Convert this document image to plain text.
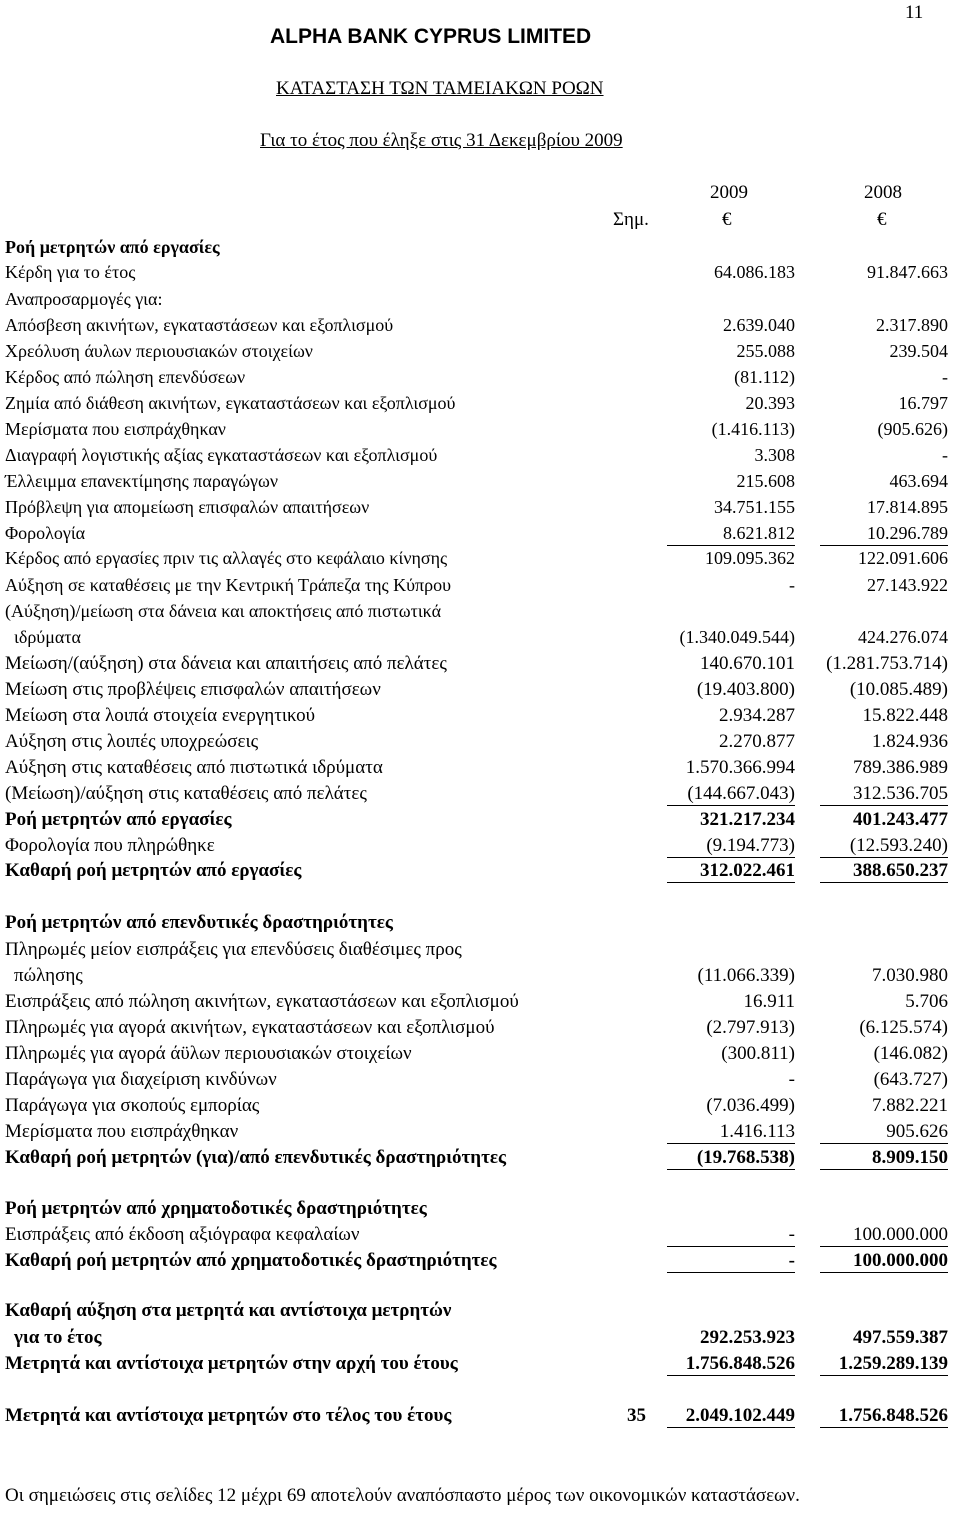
11
ALPHA BANK CYPRUS LIMITED
ΚΑΤΑΣΤΑΣΗ ΤΩΝ ΤΑΜΕΙΑΚΩΝ ΡΟΩΝ
Για το έτος που έληξε στις 31 Δεκεμβρίου 2009
2009	2008
Σημ.	€	€
Ροή μετρητών από εργασίες
Κέρδη για το έτος	64.086.183	91.847.663
Αναπροσαρμογές για:
Απόσβεση ακινήτων, εγκαταστάσεων και εξοπλισμού	2.639.040	2.317.890
Χρεόλυση άυλων περιουσιακών στοιχείων	255.088	239.504
Κέρδος από πώληση επενδύσεων	(81.112)	-
Ζημία από διάθεση ακινήτων, εγκαταστάσεων και εξοπλισμού	20.393	16.797
Μερίσματα που εισπράχθηκαν	(1.416.113)	(905.626)
Διαγραφή λογιστικής αξίας εγκαταστάσεων και εξοπλισμού	3.308	-
Έλλειμμα επανεκτίμησης παραγώγων	215.608	463.694
Πρόβλεψη για απομείωση επισφαλών απαιτήσεων	34.751.155	17.814.895
Φορολογία	8.621.812	10.296.789
Κέρδος από εργασίες πριν τις αλλαγές στο κεφάλαιο κίνησης	109.095.362	122.091.606
Αύξηση σε καταθέσεις με την Κεντρική Τράπεζα της Κύπρου	-	27.143.922
(Αύξηση)/μείωση στα δάνεια και αποκτήσεις από πιστωτικά
ιδρύματα	(1.340.049.544)	424.276.074
Μείωση/(αύξηση) στα δάνεια και απαιτήσεις από πελάτες	140.670.101 (1.281.753.714)
Μείωση στις προβλέψεις επισφαλών απαιτήσεων	(19.403.800)	(10.085.489)
Μείωση στα λοιπά στοιχεία ενεργητικού	2.934.287	15.822.448
Αύξηση στις λοιπές υποχρεώσεις	2.270.877	1.824.936
Αύξηση στις καταθέσεις από πιστωτικά ιδρύματα	1.570.366.994	789.386.989
(Μείωση)/αύξηση στις καταθέσεις από πελάτες	(144.667.043)	312.536.705
Ροή μετρητών από εργασίες	321.217.234	401.243.477
Φορολογία που πληρώθηκε	(9.194.773)	(12.593.240)
Καθαρή ροή μετρητών από εργασίες	312.022.461	388.650.237
Ροή μετρητών από επενδυτικές δραστηριότητες
Πληρωμές μείον εισπράξεις για επενδύσεις διαθέσιμες προς
πώλησης	(11.066.339)	7.030.980
Εισπράξεις από πώληση ακινήτων, εγκαταστάσεων και εξοπλισμού	16.911	5.706
Πληρωμές για αγορά ακινήτων, εγκαταστάσεων και εξοπλισμού	(2.797.913)	(6.125.574)
Πληρωμές για αγορά άϋλων περιουσιακών στοιχείων	(300.811)	(146.082)
Παράγωγα για διαχείριση κινδύνων	-	(643.727)
Παράγωγα για σκοπούς εμπορίας	(7.036.499)	7.882.221
Μερίσματα που εισπράχθηκαν	1.416.113	905.626
Καθαρή ροή μετρητών (για)/από επενδυτικές δραστηριότητες	(19.768.538)	8.909.150
Ροή μετρητών από χρηματοδοτικές δραστηριότητες
Εισπράξεις από έκδοση αξιόγραφα κεφαλαίων	-	100.000.000
Καθαρή ροή μετρητών από χρηματοδοτικές δραστηριότητες	-	100.000.000
Καθαρή αύξηση στα μετρητά και αντίστοιχα μετρητών
για το έτος	292.253.923	497.559.387
Μετρητά και αντίστοιχα μετρητών στην αρχή του έτους	1.756.848.526 1.259.289.139
Μετρητά και αντίστοιχα μετρητών στο τέλος του έτους	35 2.049.102.449 1.756.848.526
Οι σημειώσεις στις σελίδες 12 μέχρι 69 αποτελούν αναπόσπαστο μέρος των οικονομικών καταστάσεων.
